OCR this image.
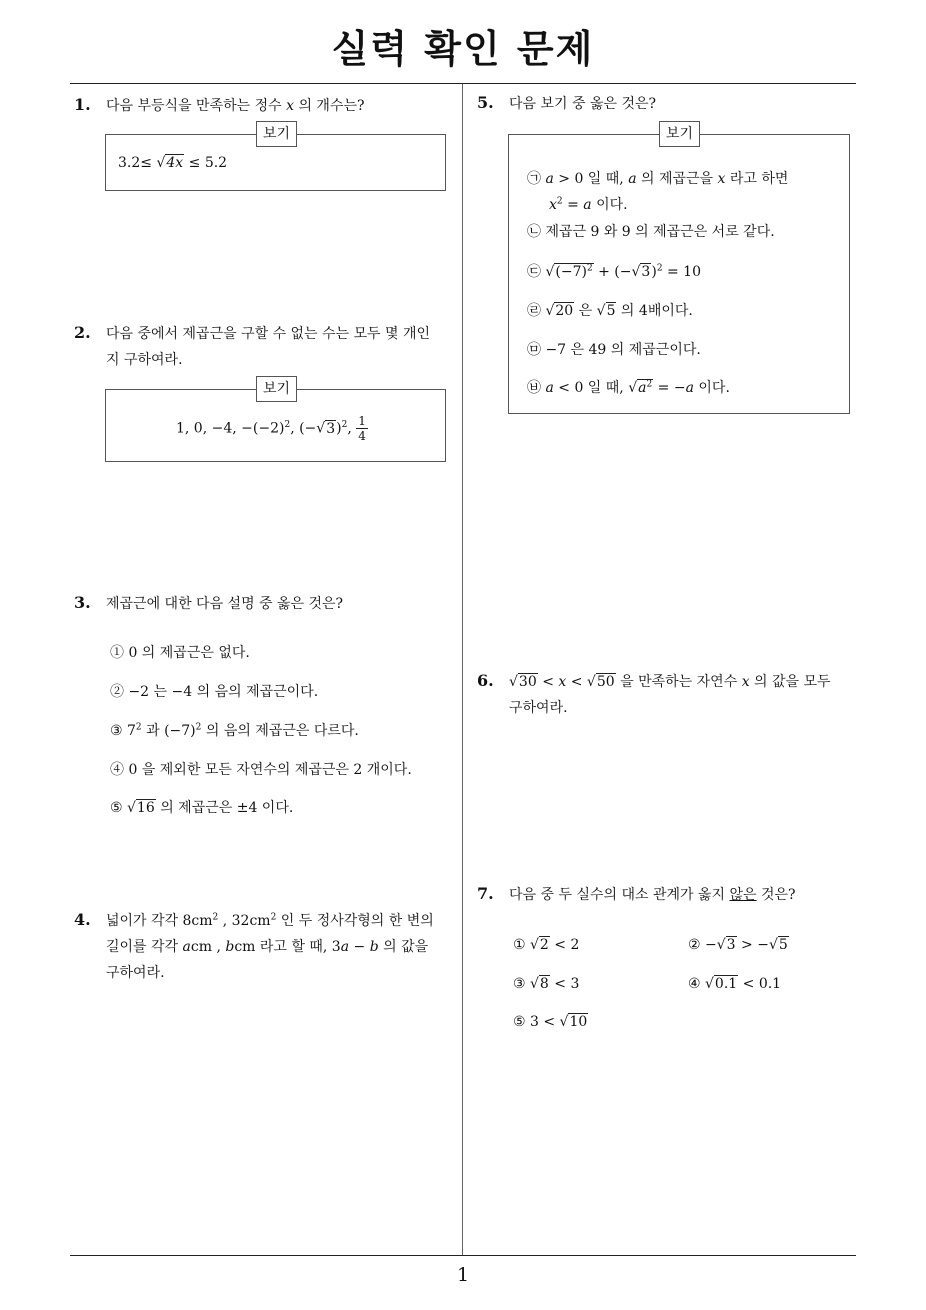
실력 확인 문제
1
1. 다음 부등식을 만족하는 정수 x 의 개수는?
보기
3.2≤ √4x ≤ 5.2
2. 다음 중에서 제곱근을 구할 수 없는 수는 모두 몇 개인
지 구하여라.
보기
1, 0, −4, $-(-2)^2$, $(-√3)^2$, $\frac{1}{4}$
3. 제곱근에 대한 다음 설명 중 옳은 것은?
① 0 의 제곱근은 없다.
② −2 는 −4 의 음의 제곱근이다.
③ $7^2$ 과 $(-7)^2$ 의 음의 제곱근은 다르다.
④ 0 을 제외한 모든 자연수의 제곱근은 2 개이다.
⑤ √16 의 제곱근은 ±4 이다.
4. 넓이가 각각 $8cm^2$ , $32cm^2$ 인 두 정사각형의 한 변의
길이를 각각 acm , bcm 라고 할 때, 3a − b 의 값을
구하여라.
5. 다음 보기 중 옳은 것은?
보기
㉠ a > 0 일 때, a 의 제곱근을 x 라고 하면
$x^2 = a$ 이다.
㉡ 제곱근 9 와 9 의 제곱근은 서로 같다.
㉢ $√(-7)^2 + (-√3)^2 = 10$
㉣ √20 은 √5 의 4배이다.
㉤ −7 은 49 의 제곱근이다.
㉥ a < 0 일 때, $√a^2 = -a$ 이다.
6. √30 < x < √50 을 만족하는 자연수 x 의 값을 모두
구하여라.
7. 다음 중 두 실수의 대소 관계가 옳지 않은 것은?
① √2 < 2	② −√3 > −√5
③ √8 < 3	④ √0.1 < 0.1
⑤ 3 < √10
